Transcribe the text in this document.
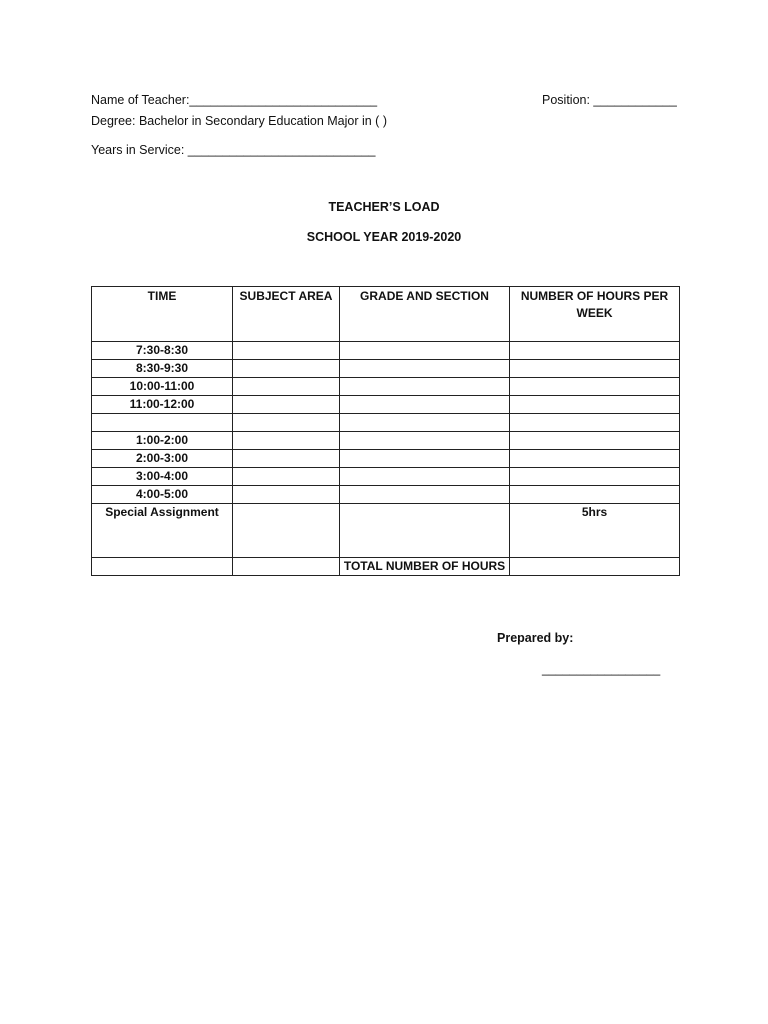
Name of Teacher:___________________________	Position: ____________
Degree: Bachelor in Secondary Education Major in ( )
Years in Service: ___________________________
TEACHER’S LOAD
SCHOOL YEAR 2019-2020
TIME	SUBJECT AREA	GRADE AND SECTION	NUMBER OF HOURS PER WEEK
7:30-8:30			
8:30-9:30			
10:00-11:00			
11:00-12:00			

1:00-2:00			
2:00-3:00			
3:00-4:00			
4:00-5:00			
Special Assignment			5hrs
		TOTAL NUMBER OF HOURS	
Prepared by:
_________________
